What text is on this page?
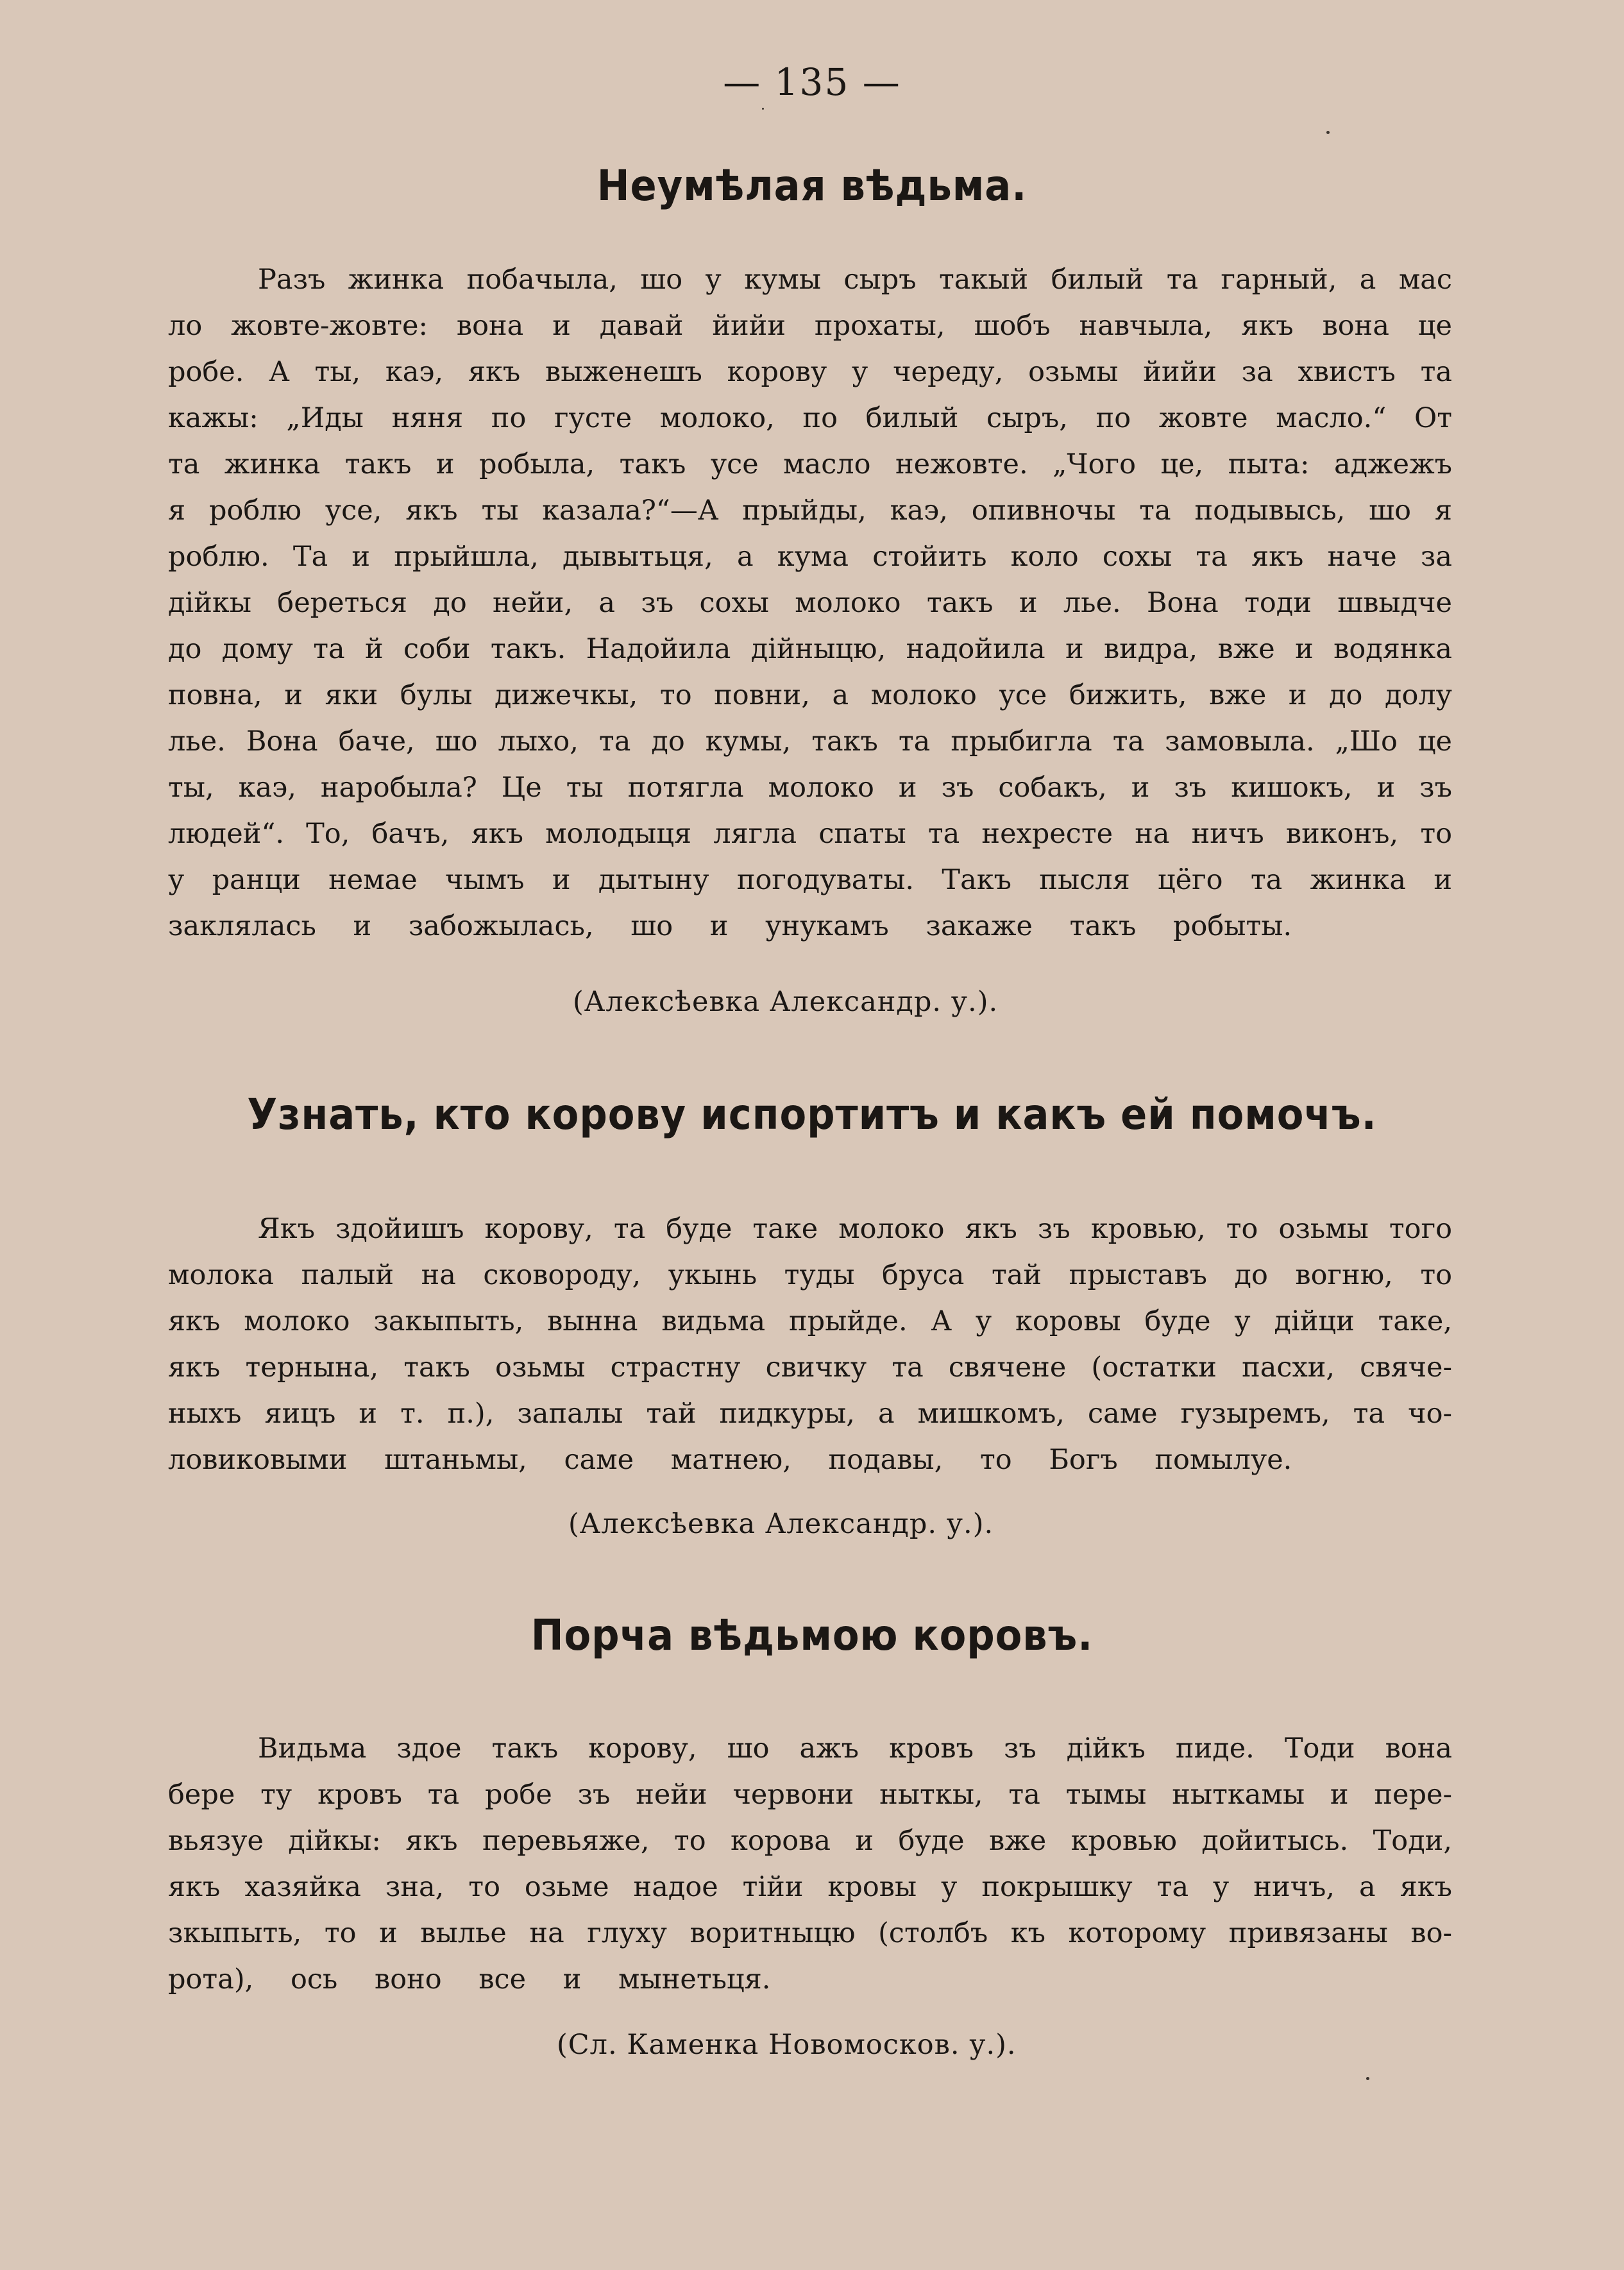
— 135 —
Неумѣлая вѣдьма.
Разъ жинка побачыла, шо у кумы сыръ такый билый та гарный, а мас
ло жовте-жовте: вона и давай йийи прохаты, шобъ навчыла, якъ вона це
робе. А ты, каэ, якъ выженешъ корову у череду, озьмы йийи за хвистъ та
кажы: „Иды няня по густе молоко, по билый сыръ, по жовте масло.“ От
та жинка такъ и робыла, такъ усе масло нежовте. „Чого це, пыта: аджежъ
я роблю усе, якъ ты казала?“—А прыйды, каэ, опивночы та подывысь, шо я
роблю. Та и прыйшла, дывытьця, а кума стойить коло сохы та якъ наче за
дiйкы береться до нейи, а зъ сохы молоко такъ и лье. Вона тоди швыдче
до дому та й соби такъ. Надойила дiйныцю, надойила и видра, вже и водянка
повна, и яки булы дижечкы, то повни, а молоко усе бижить, вже и до долу
лье. Вона баче, шо лыхо, та до кумы, такъ та прыбигла та замовыла. „Шо це
ты, каэ, наробыла? Це ты потягла молоко и зъ собакъ, и зъ кишокъ, и зъ
людей“. То, бачъ, якъ молодыця лягла спаты та нехресте на ничъ виконъ, то
у ранци немае чымъ и дытыну погодуваты. Такъ пысля цёго та жинка и
заклялась и забожылась, шо и унукамъ закаже такъ робыты.
(Алексѣевка Александр. у.).
Узнать, кто корову испортитъ и какъ ей помочъ.
Якъ здойишъ корову, та буде таке молоко якъ зъ кровью, то озьмы того
молока палый на сковороду, укынь туды бруса тай прыставъ до вогню, то
якъ молоко закыпыть, вынна видьма прыйде. А у коровы буде у дiйци таке,
якъ тернына, такъ озьмы страстну свичку та свячене (остатки пасхи, свяче-
ныхъ яицъ и т. п.), запалы тай пидкуры, а мишкомъ, саме гузыремъ, та чо-
ловиковыми штаньмы, саме матнею, подавы, то Богъ помылуе.
(Алексѣевка Александр. у.).
Порча вѣдьмою коровъ.
Видьма здое такъ корову, шо ажъ кровъ зъ дiйкъ пиде. Тоди вона
бере ту кровъ та робе зъ нейи червони ныткы, та тымы ныткамы и пере-
вьязуе дiйкы: якъ перевьяже, то корова и буде вже кровью дойитысь. Тоди,
якъ хазяйка зна, то озьме надое тiйи кровы у покрышку та у ничъ, а якъ
зкыпыть, то и вылье на глуху воритныцю (столбъ къ которому привязаны во-
рота), ось воно все и мынетьця.
(Сл. Каменка Новомосков. у.).
